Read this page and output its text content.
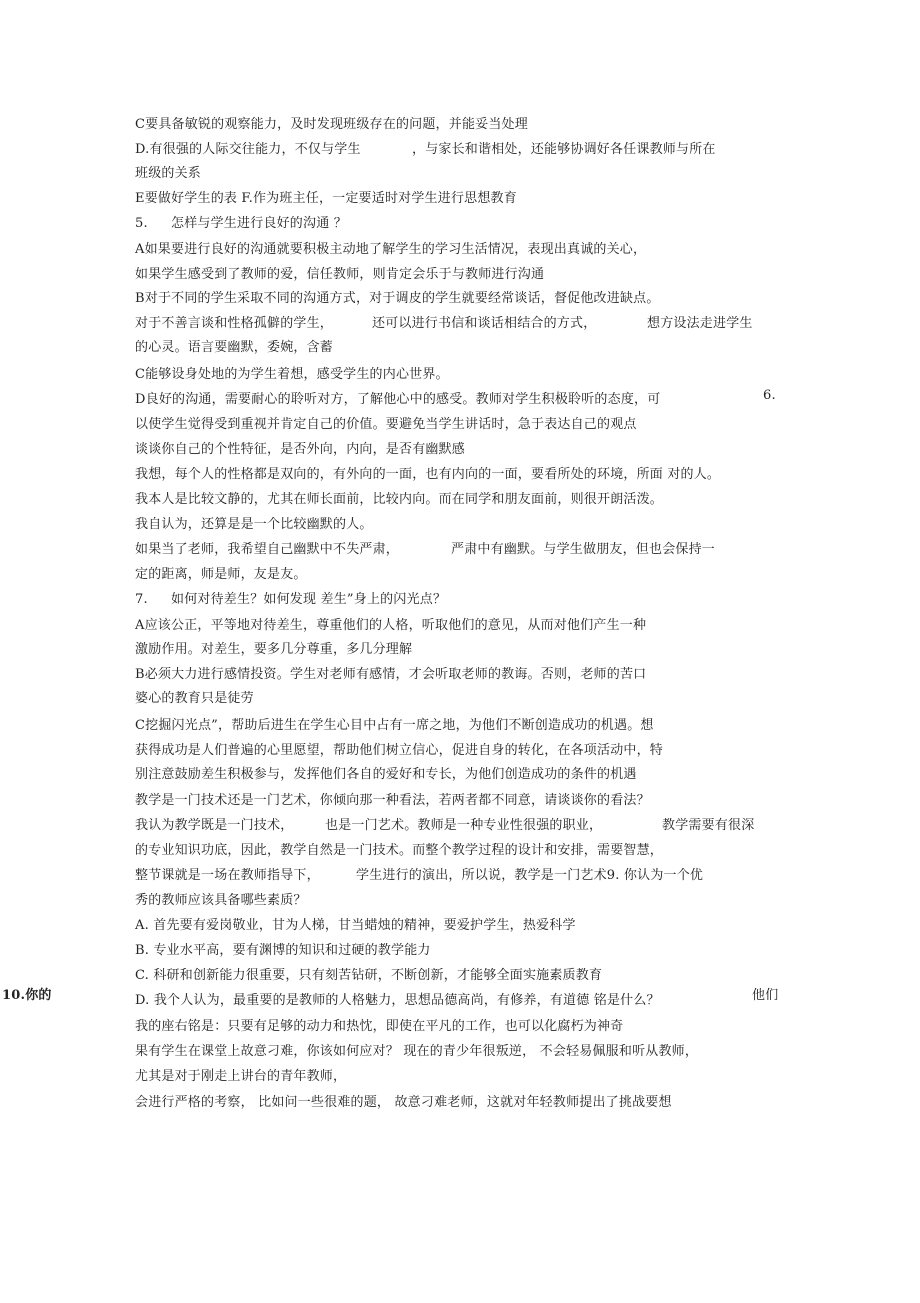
C要具备敏锐的观察能力，及时发现班级存在的问题，并能妥当处理
D.有很强的人际交往能力，不仅与学生	，与家长和谐相处，还能够协调好各任课教师与所在
班级的关系
E要做好学生的表 F.作为班主任，一定要适时对学生进行思想教育
5. 怎样与学生进行良好的沟通 ？
A如果要进行良好的沟通就要积极主动地了解学生的学习生活情况，表现出真诚的关心，
如果学生感受到了教师的爱，信任教师，则肯定会乐于与教师进行沟通
B对于不同的学生采取不同的沟通方式，对于调皮的学生就要经常谈话，督促他改进缺点。
对于不善言谈和性格孤僻的学生，	还可以进行书信和谈话相结合的方式，	想方设法走进学生
的心灵。语言要幽默，委婉，含蓄
C能够设身处地的为学生着想，感受学生的内心世界。
D良好的沟通，需要耐心的聆听对方，了解他心中的感受。教师对学生积极聆听的态度，可	6.
以使学生觉得受到重视并肯定自己的价值。要避免当学生讲话时，急于表达自己的观点
谈谈你自己的个性特征，是否外向，内向，是否有幽默感
我想，每个人的性格都是双向的，有外向的一面，也有内向的一面，要看所处的环境，所面 对的人。
我本人是比较文静的，尤其在师长面前，比较内向。而在同学和朋友面前，则很开朗活泼。
我自认为，还算是是一个比较幽默的人。
如果当了老师，我希望自己幽默中不失严肃，	严肃中有幽默。与学生做朋友，但也会保持一
定的距离，师是师，友是友。
7. 如何对待差生？如何发现 差生”身上的闪光点？
A应该公正，平等地对待差生，尊重他们的人格，听取他们的意见，从而对他们产生一种
激励作用。对差生，要多几分尊重，多几分理解
B必须大力进行感情投资。学生对老师有感情，才会听取老师的教诲。否则，老师的苦口
婆心的教育只是徒劳
C挖掘闪光点”，帮助后进生在学生心目中占有一席之地，为他们不断创造成功的机遇。想
获得成功是人们普遍的心里愿望，帮助他们树立信心，促进自身的转化，在各项活动中，特
别注意鼓励差生积极参与，发挥他们各自的爱好和专长，为他们创造成功的条件的机遇
教学是一门技术还是一门艺术，你倾向那一种看法，若两者都不同意，请谈谈你的看法？
我认为教学既是一门技术， 也是一门艺术。教师是一种专业性很强的职业，	教学需要有很深
的专业知识功底，因此，教学自然是一门技术。而整个教学过程的设计和安排，需要智慧，
整节课就是一场在教师指导下，	学生进行的演出，所以说，教学是一门艺术9. 你认为一个优
秀的教师应该具备哪些素质？
A. 首先要有爱岗敬业，甘为人梯，甘当蜡烛的精神，要爱护学生，热爱科学
B. 专业水平高，要有渊博的知识和过硬的教学能力
C. 科研和创新能力很重要，只有刻苦钻研，不断创新，才能够全面实施素质教育
10.你的	D. 我个人认为，最重要的是教师的人格魅力，思想品德高尚，有修养，有道德 铭是什么？	他们
我的座右铭是：只要有足够的动力和热忱，即使在平凡的工作，也可以化腐朽为神奇
果有学生在课堂上故意刁难，你该如何应对？ 现在的青少年很叛逆， 不会轻易佩服和听从教师，
尤其是对于刚走上讲台的青年教师，
会进行严格的考察， 比如问一些很难的题， 故意刁难老师，这就对年轻教师提出了挑战要想
